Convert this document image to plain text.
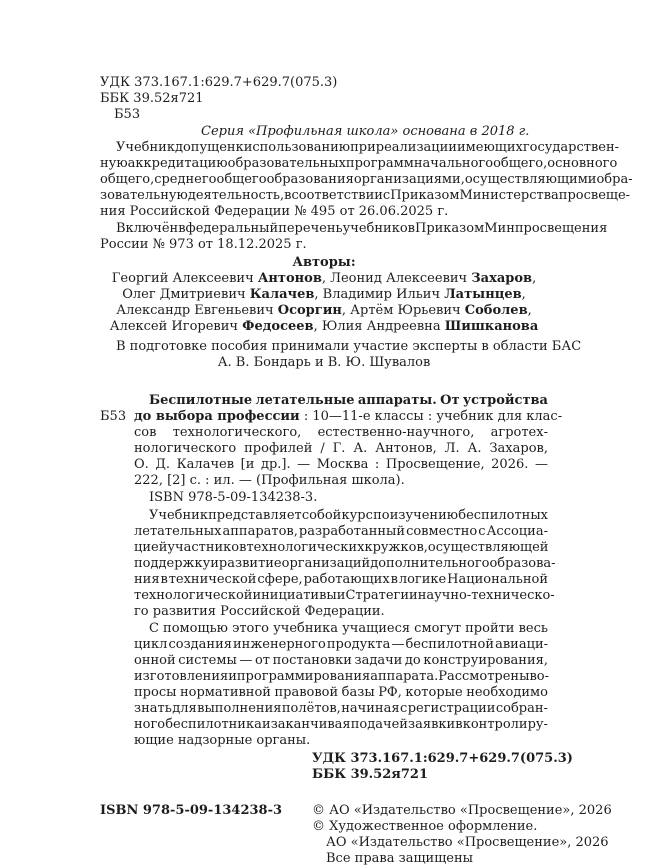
УДК 373.167.1:629.7+629.7(075.3)

ББК 39.52я721

Б53

Серия «Профильная школа» основана в 2018 г.

Учебник допущен к использованию при реализации имеющих государствен-

ную аккредитацию образовательных программ начального общего, основного

общего, среднего общего образования организациями, осуществляющими обра-

зовательную деятельность, в соответствии с Приказом Министерства просвеще-

ния Российской Федерации № 495 от 26.06.2025 г.

Включён в федеральный перечень учебников Приказом Минпросвещения

России № 973 от 18.12.2025 г.

Авторы:

Георгий Алексеевич Антонов, Леонид Алексеевич Захаров,

Олег Дмитриевич Калачев, Владимир Ильич Латынцев,

Александр Евгеньевич Осоргин, Артём Юрьевич Соболев,

Алексей Игоревич Федосеев, Юлия Андреевна Шишканова

В подготовке пособия принимали участие эксперты в области БАС

А. В. Бондарь и В. Ю. Шувалов

Б53

Беспилотные летательные аппараты. От устройства

до выбора профессии : 10—11-е классы : учебник для клас-

сов технологического, естественно-научного, агротех-

нологического профилей / Г. А. Антонов, Л. А. Захаров,

О. Д. Калачев [и др.]. — Москва : Просвещение, 2026. —

222, [2] с. : ил. — (Профильная школа).

ISBN 978-5-09-134238-3.

Учебник представляет собой курс по изучению беспилотных

летательных аппаратов, разработанный совместно с Ассоциа-

цией участников технологических кружков, осуществляющей

поддержку и развитие организаций дополнительного образова-

ния в технической сфере, работающих в логике Национальной

технологической инициативы и Стратегии научно-техническо-

го развития Российской Федерации.

С помощью этого учебника учащиеся смогут пройти весь

цикл создания инженерного продукта — беспилотной авиаци-

онной системы — от постановки задачи до конструирования,

изготовления и программирования аппарата. Рассмотрены во-

просы нормативной правовой базы РФ, которые необходимо

знать для выполнения полётов, начиная с регистрации собран-

ного беспилотника и заканчивая подачей заявки в контролиру-

ющие надзорные органы.

УДК 373.167.1:629.7+629.7(075.3)

ББК 39.52я721

ISBN 978-5-09-134238-3 © АО «Издательство «Просвещение», 2026

© Художественное оформление.

АО «Издательство «Просвещение», 2026

Все права защищены
